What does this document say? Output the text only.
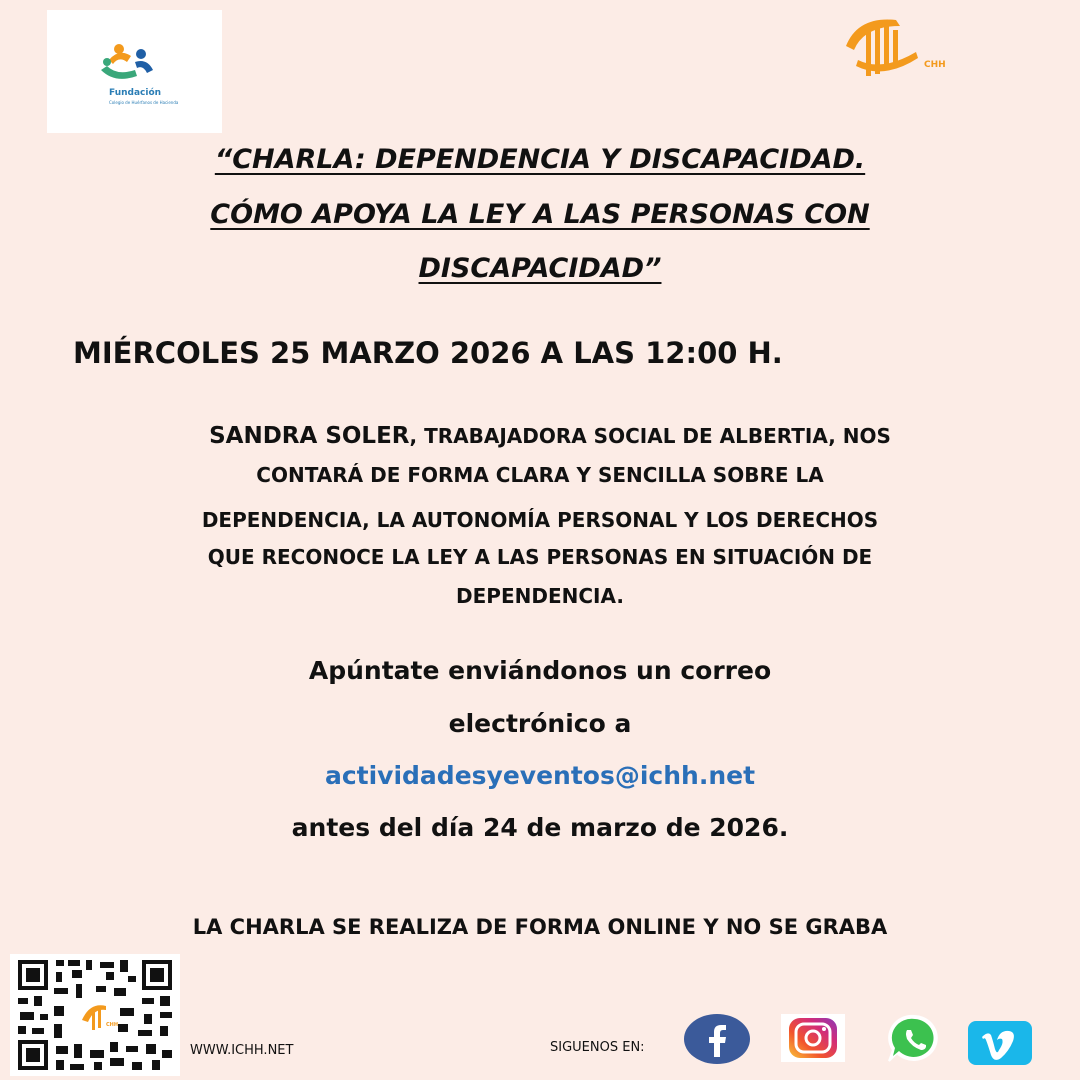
Fundación
Colegio de Huérfanos de Hacienda
CHH
“CHARLA: DEPENDENCIA Y DISCAPACIDAD.
CÓMO APOYA LA LEY A LAS PERSONAS CON
DISCAPACIDAD”
MIÉRCOLES 25 MARZO 2026 A LAS 12:00 H.
SANDRA SOLER, TRABAJADORA SOCIAL DE ALBERTIA, NOS
CONTARÁ DE FORMA CLARA Y SENCILLA SOBRE LA
DEPENDENCIA, LA AUTONOMÍA PERSONAL Y LOS DERECHOS
QUE RECONOCE LA LEY A LAS PERSONAS EN SITUACIÓN DE
DEPENDENCIA.
Apúntate enviándonos un correo
electrónico a
actividadesyeventos@ichh.net
antes del día 24 de marzo de 2026.
LA CHARLA SE REALIZA DE FORMA ONLINE Y NO SE GRABA
CHH
WWW.ICHH.NET	SIGUENOS EN:
